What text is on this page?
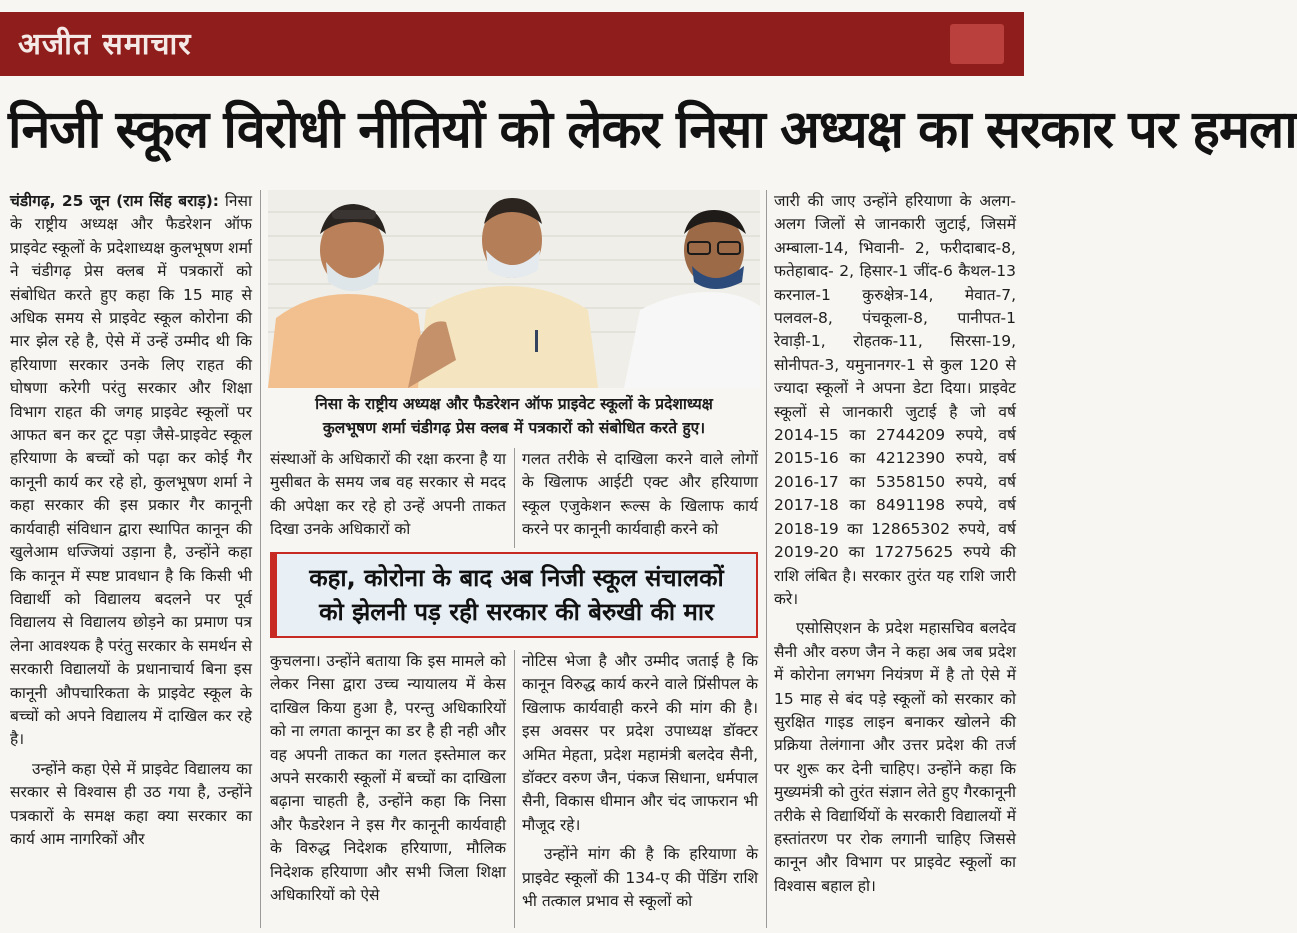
अजीत समाचार
निजी स्कूल विरोधी नीतियों को लेकर निसा अध्यक्ष का सरकार पर हमला

चंडीगढ़, 25 जून (राम सिंह बराड़): निसा के राष्ट्रीय अध्यक्ष और फैडरेशन ऑफ प्राइवेट स्कूलों के प्रदेशाध्यक्ष कुलभूषण शर्मा ने चंडीगढ़ प्रेस क्लब में पत्रकारों को संबोधित करते हुए कहा कि 15 माह से अधिक समय से प्राइवेट स्कूल कोरोना की मार झेल रहे है, ऐसे में उन्हें उम्मीद थी कि हरियाणा सरकार उनके लिए राहत की घोषणा करेगी परंतु सरकार और शिक्षा विभाग राहत की जगह प्राइवेट स्कूलों पर आफत बन कर टूट पड़ा जैसे-प्राइवेट स्कूल हरियाणा के बच्चों को पढ़ा कर कोई गैर कानूनी कार्य कर रहे हो, कुलभूषण शर्मा ने कहा सरकार की इस प्रकार गैर कानूनी कार्यवाही संविधान द्वारा स्थापित कानून की खुलेआम धज्जियां उड़ाना है, उन्होंने कहा कि कानून में स्पष्ट प्रावधान है कि किसी भी विद्यार्थी को विद्यालय बदलने पर पूर्व विद्यालय से विद्यालय छोड़ने का प्रमाण पत्र लेना आवश्यक है परंतु सरकार के समर्थन से सरकारी विद्यालयों के प्रधानाचार्य बिना इस कानूनी औपचारिकता के प्राइवेट स्कूल के बच्चों को अपने विद्यालय में दाखिल कर रहे है।

उन्होंने कहा ऐसे में प्राइवेट विद्यालय का सरकार से विश्वास ही उठ गया है, उन्होंने पत्रकारों के समक्ष कहा क्या सरकार का कार्य आम नागरिकों और

निसा के राष्ट्रीय अध्यक्ष और फैडरेशन ऑफ प्राइवेट स्कूलों के प्रदेशाध्यक्ष
कुलभूषण शर्मा चंडीगढ़ प्रेस क्लब में पत्रकारों को संबोधित करते हुए।
संस्थाओं के अधिकारों की रक्षा करना है या मुसीबत के समय जब वह सरकार से मदद की अपेक्षा कर रहे हो उन्हें अपनी ताकत दिखा उनके अधिकारों को
गलत तरीके से दाखिला करने वाले लोगों के खिलाफ आईटी एक्ट और हरियाणा स्कूल एजुकेशन रूल्स के खिलाफ कार्य करने पर कानूनी कार्यवाही करने को
कहा, कोरोना के बाद अब निजी स्कूल संचालकों
को झेलनी पड़ रही सरकार की बेरुखी की मार
कुचलना। उन्होंने बताया कि इस मामले को लेकर निसा द्वारा उच्च न्यायालय में केस दाखिल किया हुआ है, परन्तु अधिकारियों को ना लगता कानून का डर है ही नही और वह अपनी ताकत का गलत इस्तेमाल कर अपने सरकारी स्कूलों में बच्चों का दाखिला बढ़ाना चाहती है, उन्होंने कहा कि निसा और फैडरेशन ने इस गैर कानूनी कार्यवाही के विरुद्ध निदेशक हरियाणा, मौलिक निदेशक हरियाणा और सभी जिला शिक्षा अधिकारियों को ऐसे

नोटिस भेजा है और उम्मीद जताई है कि कानून विरुद्ध कार्य करने वाले प्रिंसीपल के खिलाफ कार्यवाही करने की मांग की है। इस अवसर पर प्रदेश उपाध्यक्ष डॉक्टर अमित मेहता, प्रदेश महामंत्री बलदेव सैनी, डॉक्टर वरुण जैन, पंकज सिधाना, धर्मपाल सैनी, विकास धीमान और चंद जाफरान भी मौजूद रहे।

उन्होंने मांग की है कि हरियाणा के प्राइवेट स्कूलों की 134-ए की पेंडिंग राशि भी तत्काल प्रभाव से स्कूलों को

जारी की जाए उन्होंने हरियाणा के अलग-अलग जिलों से जानकारी जुटाई, जिसमें अम्बाला-14, भिवानी- 2, फरीदाबाद-8, फतेहाबाद- 2, हिसार-1 जींद-6 कैथल-13 करनाल-1 कुरुक्षेत्र-14, मेवात-7, पलवल-8, पंचकूला-8, पानीपत-1 रेवाड़ी-1, रोहतक-11, सिरसा-19, सोनीपत-3, यमुनानगर-1 से कुल 120 से ज्यादा स्कूलों ने अपना डेटा दिया। प्राइवेट स्कूलों से जानकारी जुटाई है जो वर्ष 2014-15 का 2744209 रुपये, वर्ष 2015-16 का 4212390 रुपये, वर्ष 2016-17 का 5358150 रुपये, वर्ष 2017-18 का 8491198 रुपये, वर्ष 2018-19 का 12865302 रुपये, वर्ष 2019-20 का 17275625 रुपये की राशि लंबित है। सरकार तुरंत यह राशि जारी करे।

एसोसिएशन के प्रदेश महासचिव बलदेव सैनी और वरुण जैन ने कहा अब जब प्रदेश में कोरोना लगभग नियंत्रण में है तो ऐसे में 15 माह से बंद पड़े स्कूलों को सरकार को सुरक्षित गाइड लाइन बनाकर खोलने की प्रक्रिया तेलंगाना और उत्तर प्रदेश की तर्ज पर शुरू कर देनी चाहिए। उन्होंने कहा कि मुख्यमंत्री को तुरंत संज्ञान लेते हुए गैरकानूनी तरीके से विद्यार्थियों के सरकारी विद्यालयों में हस्तांतरण पर रोक लगानी चाहिए जिससे कानून और विभाग पर प्राइवेट स्कूलों का विश्वास बहाल हो।
